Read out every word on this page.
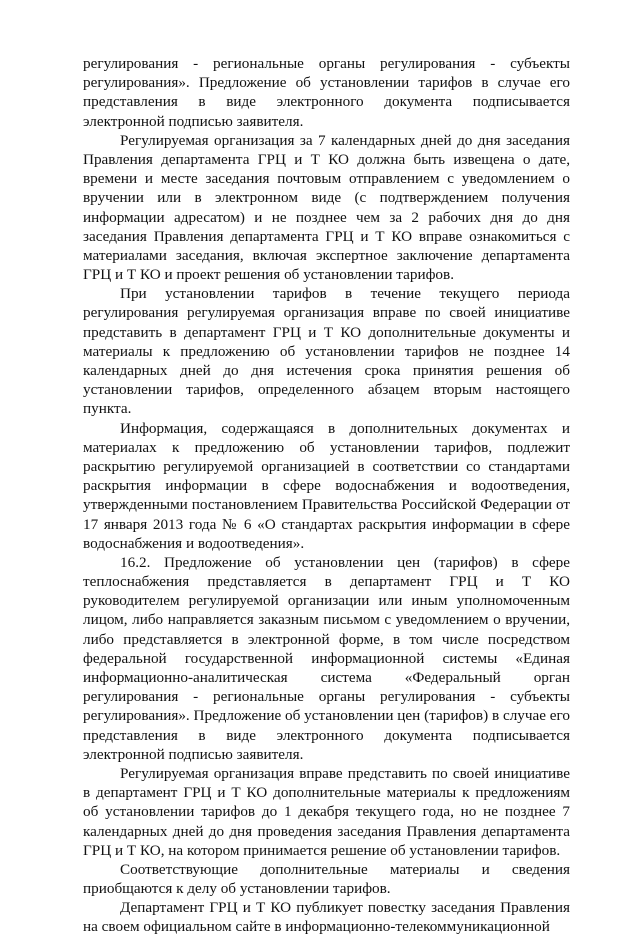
регулирования - региональные органы регулирования - субъекты регулирования». Предложение об установлении тарифов в случае его представления в виде электронного документа подписывается электронной подписью заявителя.

Регулируемая организация за 7 календарных дней до дня заседания Правления департамента ГРЦ и Т КО должна быть извещена о дате, времени и месте заседания почтовым отправлением с уведомлением о вручении или в электронном виде (с подтверждением получения информации адресатом) и не позднее чем за 2 рабочих дня до дня заседания Правления департамента ГРЦ и Т КО вправе ознакомиться с материалами заседания, включая экспертное заключение департамента ГРЦ и Т КО и проект решения об установлении тарифов.

При установлении тарифов в течение текущего периода регулирования регулируемая организация вправе по своей инициативе представить в департамент ГРЦ и Т КО дополнительные документы и материалы к предложению об установлении тарифов не позднее 14 календарных дней до дня истечения срока принятия решения об установлении тарифов, определенного абзацем вторым настоящего пункта.

Информация, содержащаяся в дополнительных документах и материалах к предложению об установлении тарифов, подлежит раскрытию регулируемой организацией в соответствии со стандартами раскрытия информации в сфере водоснабжения и водоотведения, утвержденными постановлением Правительства Российской Федерации от 17 января 2013 года № 6 «О стандартах раскрытия информации в сфере водоснабжения и водоотведения».

16.2. Предложение об установлении цен (тарифов) в сфере теплоснабжения представляется в департамент ГРЦ и Т КО руководителем регулируемой организации или иным уполномоченным лицом, либо направляется заказным письмом с уведомлением о вручении, либо представляется в электронной форме, в том числе посредством федеральной государственной информационной системы «Единая информационно-аналитическая система «Федеральный орган регулирования - региональные органы регулирования - субъекты регулирования». Предложение об установлении цен (тарифов) в случае его представления в виде электронного документа подписывается электронной подписью заявителя.

Регулируемая организация вправе представить по своей инициативе в департамент ГРЦ и Т КО дополнительные материалы к предложениям об установлении тарифов до 1 декабря текущего года, но не позднее 7 календарных дней до дня проведения заседания Правления департамента ГРЦ и Т КО, на котором принимается решение об установлении тарифов.

Соответствующие дополнительные материалы и сведения приобщаются к делу об установлении тарифов.

Департамент ГРЦ и Т КО публикует повестку заседания Правления на своем официальном сайте в информационно-телекоммуникационной
